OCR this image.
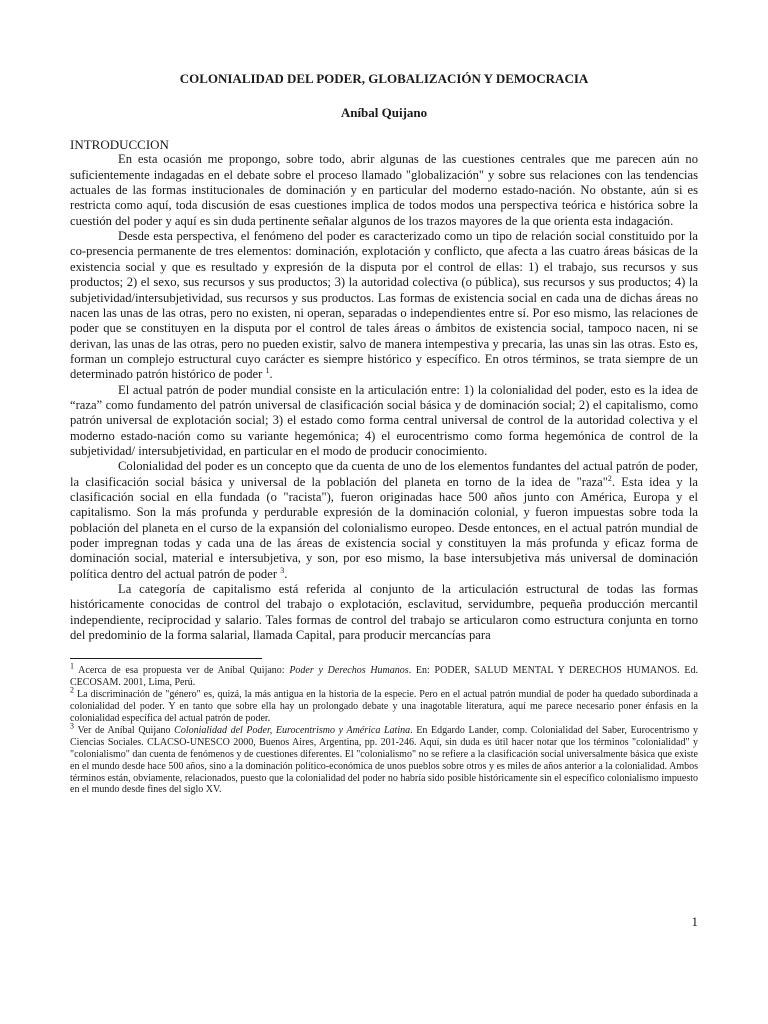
COLONIALIDAD DEL PODER, GLOBALIZACIÓN Y DEMOCRACIA
Aníbal Quijano
INTRODUCCION

En esta ocasión me propongo, sobre todo, abrir algunas de las cuestiones centrales que me parecen aún no suficientemente indagadas en el debate sobre el proceso llamado "globalización" y sobre sus relaciones con las tendencias actuales de las formas institucionales de dominación y en particular del moderno estado-nación. No obstante, aún si es restricta como aquí, toda discusión de esas cuestiones implica de todos modos una perspectiva teórica e histórica sobre la cuestión del poder y aquí es sin duda pertinente señalar algunos de los trazos mayores de la que orienta esta indagación.

Desde esta perspectiva, el fenómeno del poder es caracterizado como un tipo de relación social constituido por la co-presencia permanente de tres elementos: dominación, explotación y conflicto, que afecta a las cuatro áreas básicas de la existencia social y que es resultado y expresión de la disputa por el control de ellas: 1) el trabajo, sus recursos y sus productos; 2) el sexo, sus recursos y sus productos; 3) la autoridad colectiva (o pública), sus recursos y sus productos; 4) la subjetividad/intersubjetividad, sus recursos y sus productos. Las formas de existencia social en cada una de dichas áreas no nacen las unas de las otras, pero no existen, ni operan, separadas o independientes entre sí. Por eso mismo, las relaciones de poder que se constituyen en la disputa por el control de tales áreas o ámbitos de existencia social, tampoco nacen, ni se derivan, las unas de las otras, pero no pueden existir, salvo de manera intempestiva y precaria, las unas sin las otras. Esto es, forman un complejo estructural cuyo carácter es siempre histórico y específico. En otros términos, se trata siempre de un determinado patrón histórico de poder $^1$.

El actual patrón de poder mundial consiste en la articulación entre: 1) la colonialidad del poder, esto es la idea de “raza” como fundamento del patrón universal de clasificación social básica y de dominación social; 2) el capitalismo, como patrón universal de explotación social; 3) el estado como forma central universal de control de la autoridad colectiva y el moderno estado-nación como su variante hegemónica; 4) el eurocentrismo como forma hegemónica de control de la subjetividad/ intersubjetividad, en particular en el modo de producir conocimiento.

Colonialidad del poder es un concepto que da cuenta de uno de los elementos fundantes del actual patrón de poder, la clasificación social básica y universal de la población del planeta en torno de la idea de "raza"$^2$. Esta idea y la clasificación social en ella fundada (o "racista"), fueron originadas hace 500 años junto con América, Europa y el capitalismo. Son la más profunda y perdurable expresión de la dominación colonial, y fueron impuestas sobre toda la población del planeta en el curso de la expansión del colonialismo europeo. Desde entonces, en el actual patrón mundial de poder impregnan todas y cada una de las áreas de existencia social y constituyen la más profunda y eficaz forma de dominación social, material e intersubjetiva, y son, por eso mismo, la base intersubjetiva más universal de dominación política dentro del actual patrón de poder $^3$.

La categoría de capitalismo está referida al conjunto de la articulación estructural de todas las formas históricamente conocidas de control del trabajo o explotación, esclavitud, servidumbre, pequeña producción mercantil independiente, reciprocidad y salario. Tales formas de control del trabajo se articularon como estructura conjunta en torno del predominio de la forma salarial, llamada Capital, para producir mercancías para

$^1$ Acerca de esa propuesta ver de Aníbal Quijano: Poder y Derechos Humanos. En: PODER, SALUD MENTAL Y DERECHOS HUMANOS. Ed. CECOSAM. 2001, Lima, Perú.

$^2$ La discriminación de "género" es, quizá, la más antigua en la historia de la especie. Pero en el actual patrón mundial de poder ha quedado subordinada a colonialidad del poder. Y en tanto que sobre ella hay un prolongado debate y una inagotable literatura, aquí me parece necesario poner énfasis en la colonialidad específica del actual patrón de poder.

$^3$ Ver de Aníbal Quijano Colonialidad del Poder, Eurocentrismo y América Latina. En Edgardo Lander, comp. Colonialidad del Saber, Eurocentrismo y Ciencias Sociales. CLACSO-UNESCO 2000, Buenos Aires, Argentina, pp. 201-246. Aquí, sin duda es útil hacer notar que los términos "colonialidad" y "colonialismo" dan cuenta de fenómenos y de cuestiones diferentes. El "colonialismo" no se refiere a la clasificación social universalmente básica que existe en el mundo desde hace 500 años, sino a la dominación político-económica de unos pueblos sobre otros y es miles de años anterior a la colonialidad. Ambos términos están, obviamente, relacionados, puesto que la colonialidad del poder no habría sido posible históricamente sin el específico colonialismo impuesto en el mundo desde fines del siglo XV.

1
